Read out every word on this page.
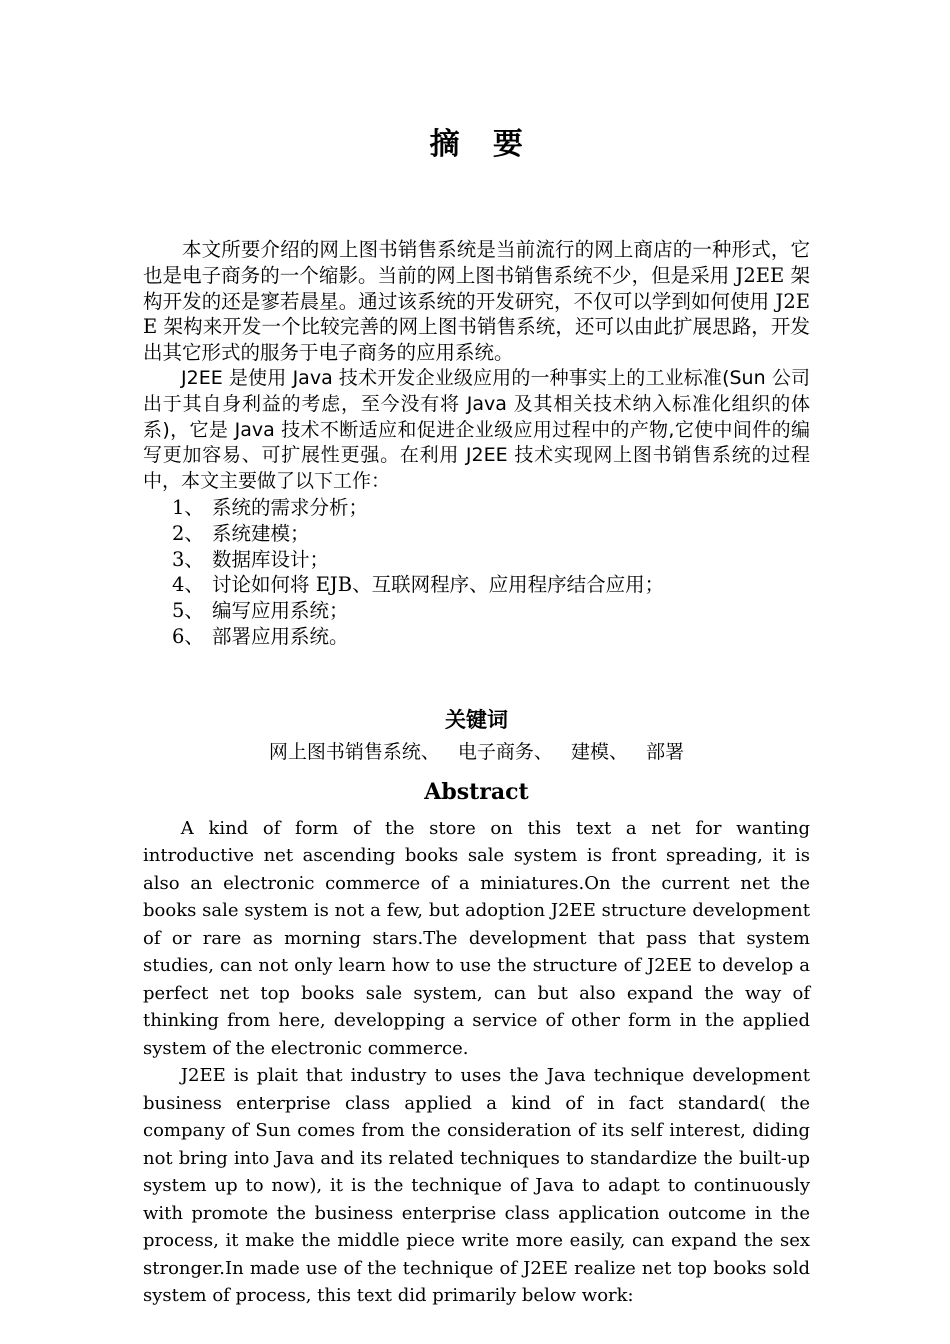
摘   要

本文所要介绍的网上图书销售系统是当前流行的网上商店的一种形式，它也是电子商务的一个缩影。当前的网上图书销售系统不少，但是采用 J2EE 架构开发的还是寥若晨星。通过该系统的开发研究，不仅可以学到如何使用 J2EE 架构来开发一个比较完善的网上图书销售系统，还可以由此扩展思路，开发出其它形式的服务于电子商务的应用系统。

J2EE 是使用 Java 技术开发企业级应用的一种事实上的工业标准(Sun 公司出于其自身利益的考虑，至今没有将 Java 及其相关技术纳入标准化组织的体系)，它是 Java 技术不断适应和促进企业级应用过程中的产物,它使中间件的编写更加容易、可扩展性更强。在利用 J2EE 技术实现网上图书销售系统的过程中，本文主要做了以下工作：

1、 系统的需求分析；
2、 系统建模；
3、 数据库设计；
4、 讨论如何将 EJB、互联网程序、应用程序结合应用；
5、 编写应用系统；
6、 部署应用系统。
关键词

网上图书销售系统、   电子商务、   建模、   部署

Abstract

A kind of form of the store on this text a net for wanting introductive net ascending books sale system is front spreading, it is also an electronic commerce of a miniatures.On the current net the books sale system is not a few, but adoption J2EE structure development of or rare as morning stars.The development that pass that system studies, can not only learn how to use the structure of J2EE to develop a perfect net top books sale system, can but also expand the way of thinking from here, developping a service of other form in the applied system of the electronic commerce.

J2EE is plait that industry to uses the Java technique development business enterprise class applied a kind of in fact standard( the company of Sun comes from the consideration of its self interest, diding not bring into Java and its related techniques to standardize the built-up system up to now), it is the technique of Java to adapt to continuously with promote the business enterprise class application outcome in the process, it make the middle piece write more easily, can expand the sex stronger.In made use of the technique of J2EE realize net top books sold system of process, this text did primarily below work:
